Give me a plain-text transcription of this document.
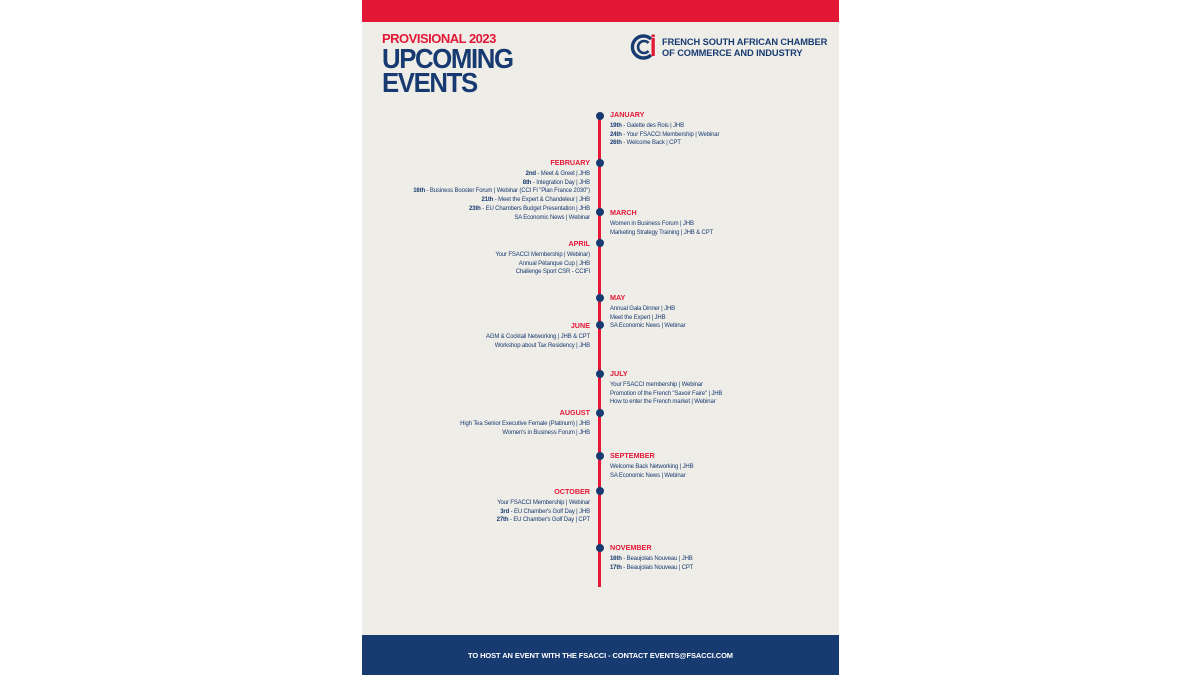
PROVISIONAL 2023
UPCOMING
EVENTS
FRENCH SOUTH AFRICAN CHAMBER
OF COMMERCE AND INDUSTRY
JANUARY
19th - Galette des Rois | JHB
24th - Your FSACCI Membership | Webinar
26th - Welcome Back | CPT
FEBRUARY
2nd - Meet & Greet | JHB
8th - Integration Day | JHB
16th - Business Booster Forum | Webinar (CCI FI "Plan France 2030")
21th - Meet the Expert & Chandeleur | JHB
23th - EU Chambers Budget Presentation | JHB
SA Economic News | Webinar
MARCH
Women in Business Forum | JHB
Marketing Strategy Training | JHB & CPT
APRIL
Your FSACCI Membership | Webinar)
Annual Pétanque Cup | JHB
Challenge Sport CSR - CCIFI
MAY
Annual Gala Dinner | JHB
Meet the Expert | JHB
SA Economic News | Webinar
JUNE
AGM & Cocktail Networking | JHB & CPT
Workshop about Tax Residency | JHB
JULY
Your FSACCI membership | Webinar
Promotion of the French "Savoir Faire" | JHB
How to enter the French market | Webinar
AUGUST
High Tea Senior Executive Female (Platinum) | JHB
Women's in Business Forum | JHB
SEPTEMBER
Welcome Back Networking | JHB
SA Economic News | Webinar
OCTOBER
Your FSACCI Membership | Webinar
3rd - EU Chamber's Golf Day | JHB
27th - EU Chamber's Golf Day | CPT
NOVEMBER
16th - Beaujolais Nouveau | JHB
17th - Beaujolais Nouveau | CPT
TO HOST AN EVENT WITH THE FSACCI - CONTACT EVENTS@FSACCI.COM
